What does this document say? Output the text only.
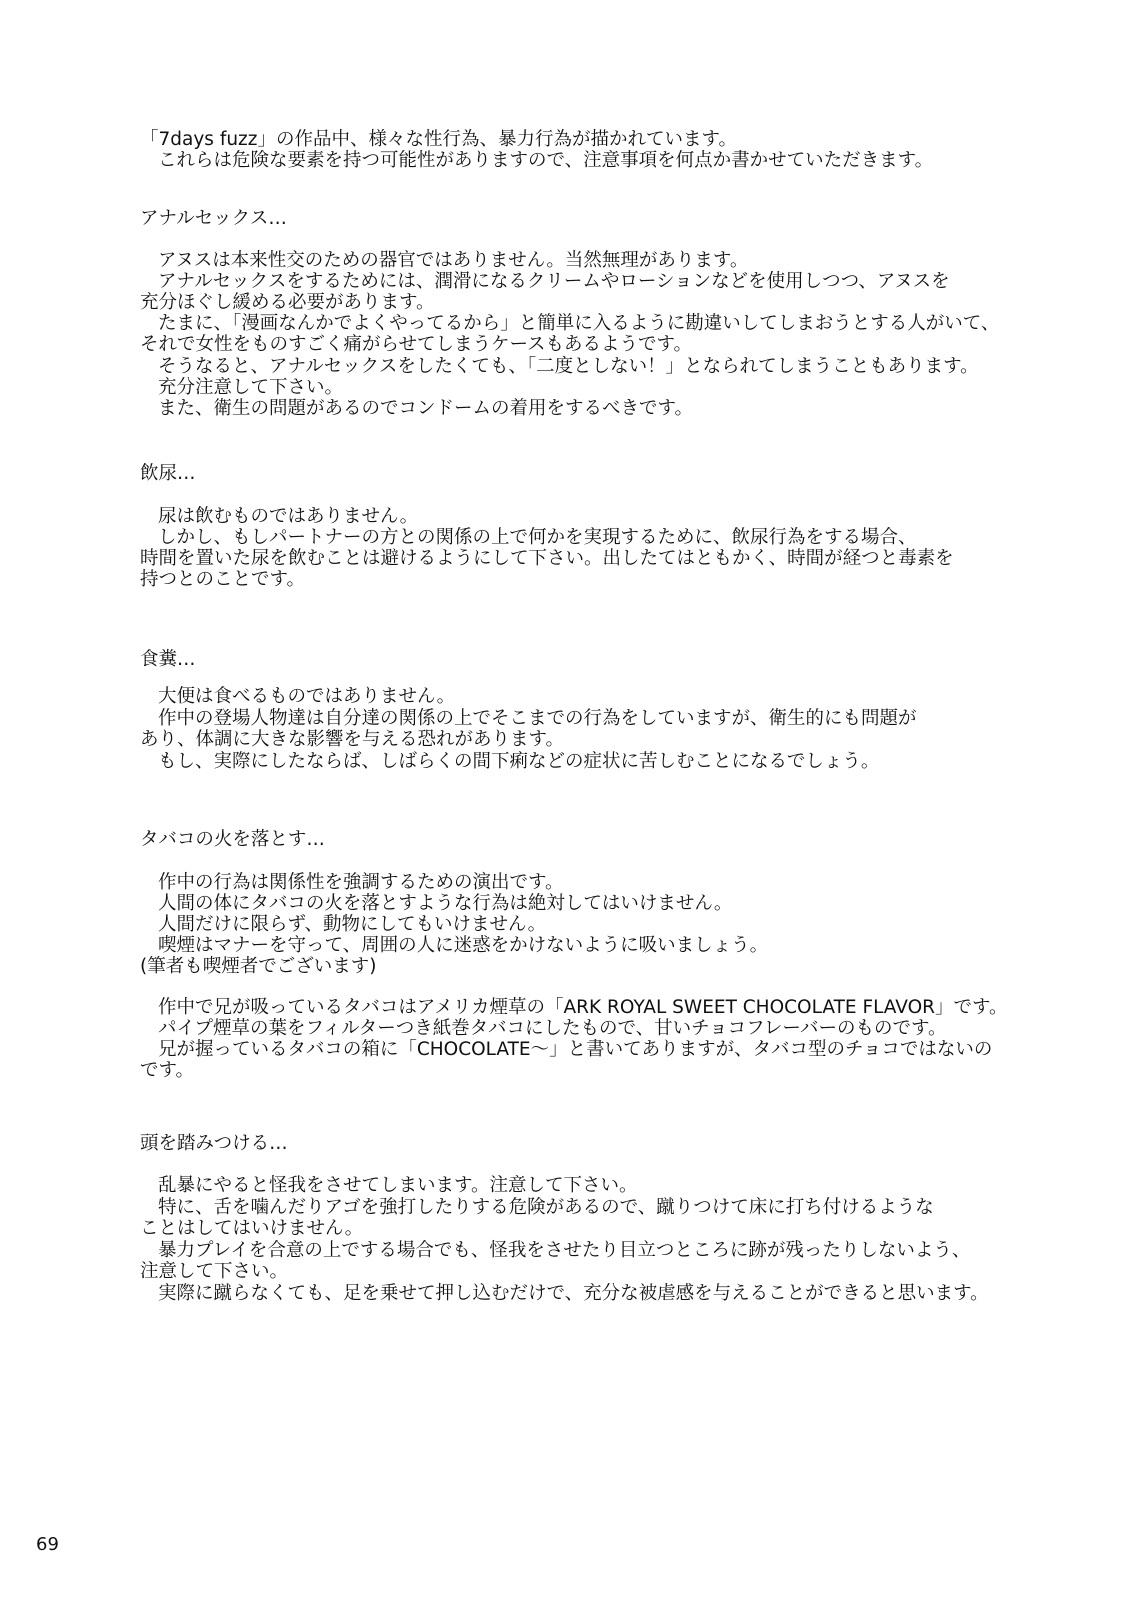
「7days fuzz」の作品中、様々な性行為、暴力行為が描かれています。
これらは危険な要素を持つ可能性がありますので、注意事項を何点か書かせていただきます。
アナルセックス…
アヌスは本来性交のための器官ではありません。当然無理があります。
アナルセックスをするためには、潤滑になるクリームやローションなどを使用しつつ、アヌスを
充分ほぐし緩める必要があります。
たまに、「漫画なんかでよくやってるから」と簡単に入るように勘違いしてしまおうとする人がいて、
それで女性をものすごく痛がらせてしまうケースもあるようです。
そうなると、アナルセックスをしたくても、「二度としない！」となられてしまうこともあります。
充分注意して下さい。
また、衛生の問題があるのでコンドームの着用をするべきです。
飲尿…
尿は飲むものではありません。
しかし、もしパートナーの方との関係の上で何かを実現するために、飲尿行為をする場合、
時間を置いた尿を飲むことは避けるようにして下さい。出したてはともかく、時間が経つと毒素を
持つとのことです。
食糞…
大便は食べるものではありません。
作中の登場人物達は自分達の関係の上でそこまでの行為をしていますが、衛生的にも問題が
あり、体調に大きな影響を与える恐れがあります。
もし、実際にしたならば、しばらくの間下痢などの症状に苦しむことになるでしょう。
タバコの火を落とす…
作中の行為は関係性を強調するための演出です。
人間の体にタバコの火を落とすような行為は絶対してはいけません。
人間だけに限らず、動物にしてもいけません。
喫煙はマナーを守って、周囲の人に迷惑をかけないように吸いましょう。
(筆者も喫煙者でございます)
作中で兄が吸っているタバコはアメリカ煙草の「ARK ROYAL SWEET CHOCOLATE FLAVOR」です。
パイプ煙草の葉をフィルターつき紙巻タバコにしたもので、甘いチョコフレーバーのものです。
兄が握っているタバコの箱に「CHOCOLATE～」と書いてありますが、タバコ型のチョコではないの
です。
頭を踏みつける…
乱暴にやると怪我をさせてしまいます。注意して下さい。
特に、舌を噛んだりアゴを強打したりする危険があるので、蹴りつけて床に打ち付けるような
ことはしてはいけません。
暴力プレイを合意の上でする場合でも、怪我をさせたり目立つところに跡が残ったりしないよう、
注意して下さい。
実際に蹴らなくても、足を乗せて押し込むだけで、充分な被虐感を与えることができると思います。
69
